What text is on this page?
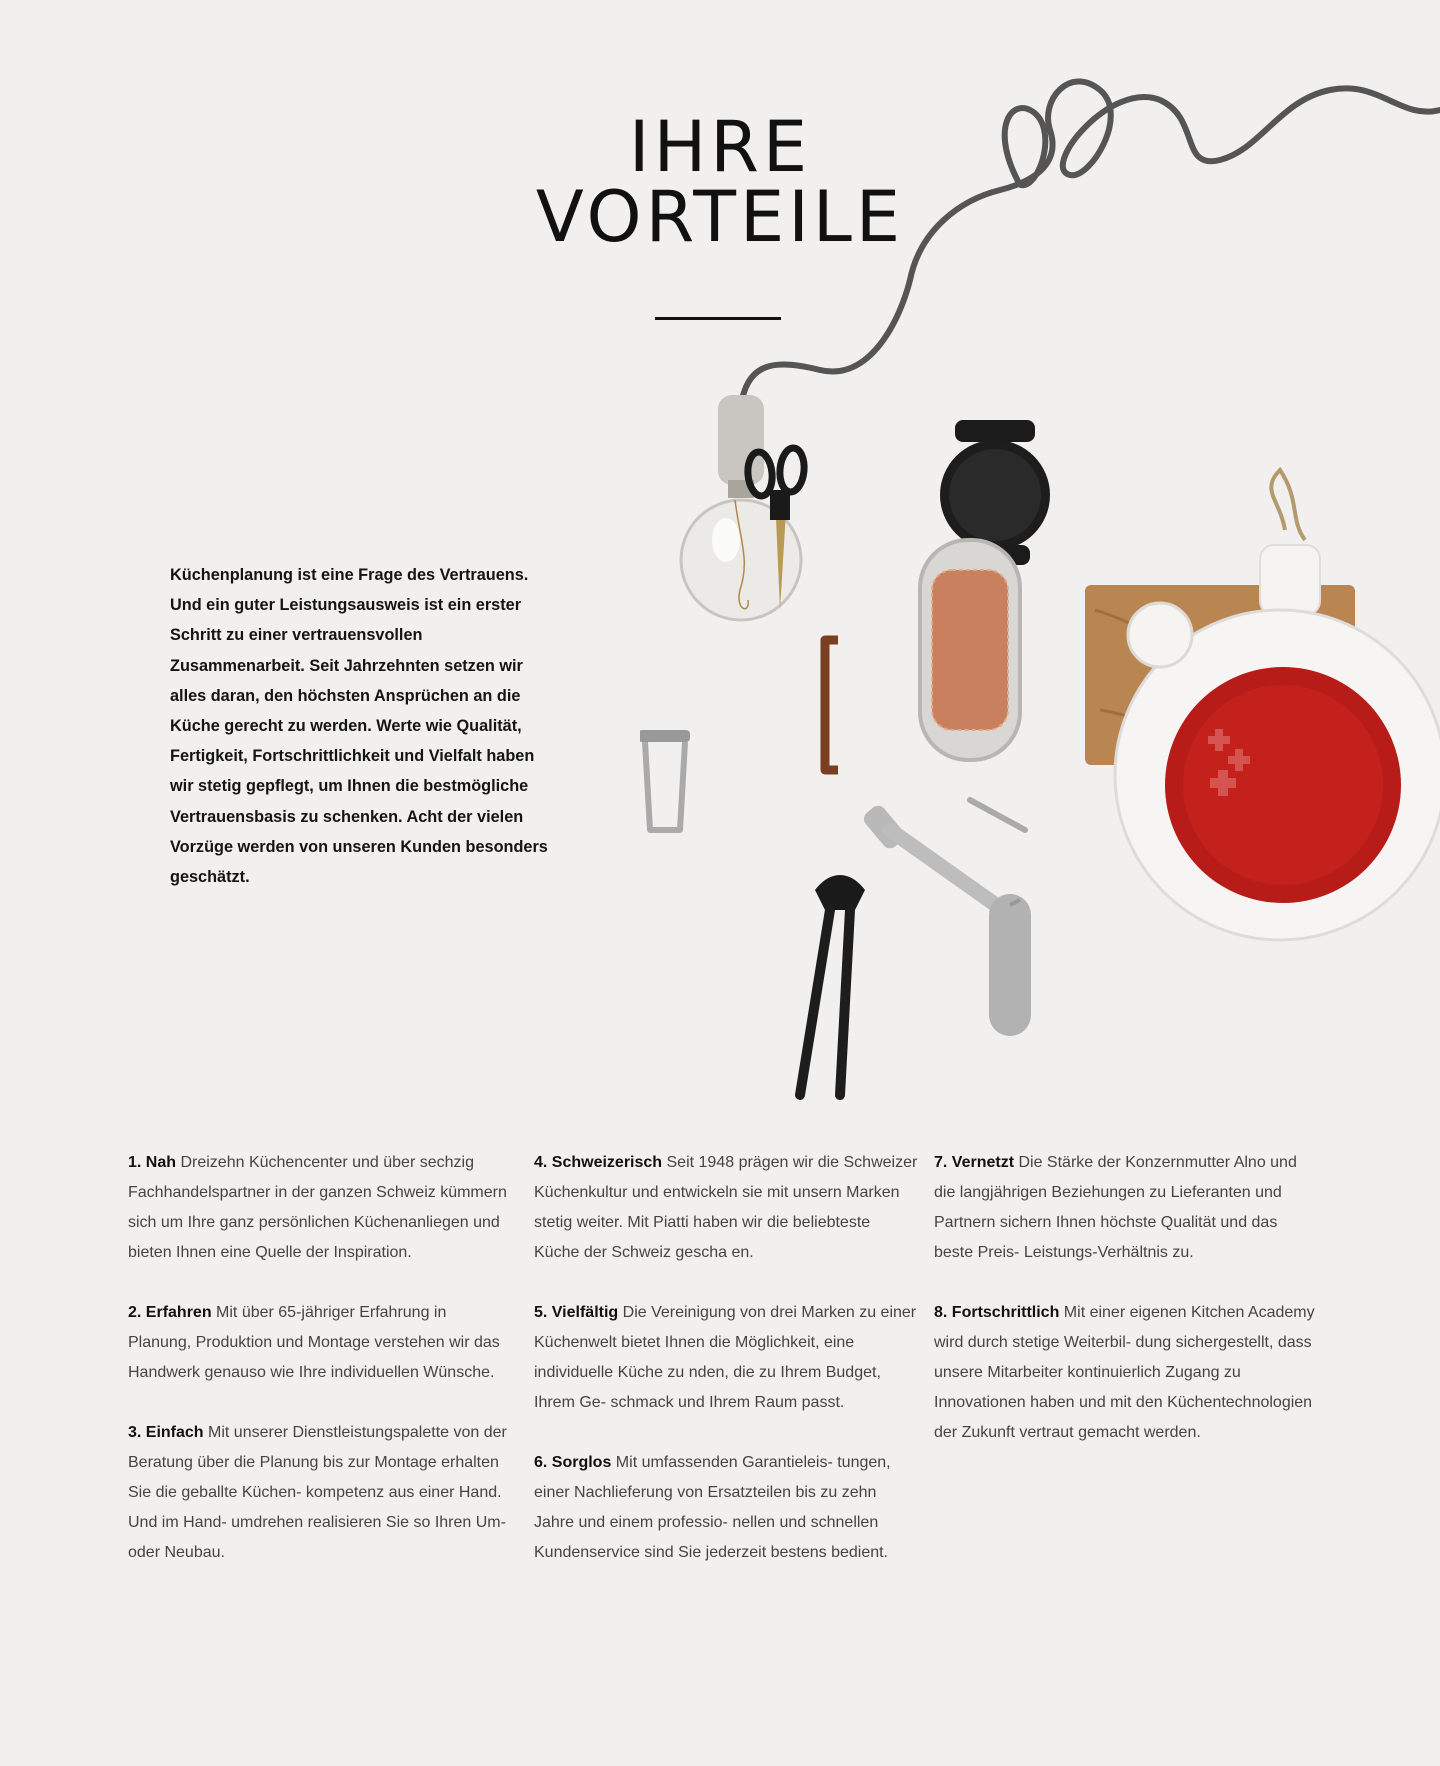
IHRE
VORTEILE

Küchenplanung ist eine Frage des Vertrauens. Und ein guter Leistungsausweis ist ein erster Schritt zu einer vertrauensvollen Zusammenarbeit. Seit Jahrzehnten setzen wir alles daran, den höchsten Ansprüchen an die Küche gerecht zu werden. Werte wie Qualität, Fertigkeit, Fortschrittlichkeit und Vielfalt haben wir stetig gepflegt, um Ihnen die bestmögliche Vertrauensbasis zu schenken. Acht der vielen Vorzüge werden von unseren Kunden besonders geschätzt.

1. Nah Dreizehn Küchencenter und über sechzig Fachhandelspartner in der ganzen Schweiz kümmern sich um Ihre ganz persönlichen Küchenanliegen und bieten Ihnen eine Quelle der Inspiration.

2. Erfahren Mit über 65-jähriger Erfahrung in Planung, Produktion und Montage verstehen wir das Handwerk genauso wie Ihre individuellen Wünsche.

3. Einfach Mit unserer Dienstleistungspalette von der Beratung über die Planung bis zur Montage erhalten Sie die geballte Küchen- kompetenz aus einer Hand. Und im Hand- umdrehen realisieren Sie so Ihren Um- oder Neubau.

4. Schweizerisch Seit 1948 prägen wir die Schweizer Küchenkultur und entwickeln sie mit unsern Marken stetig weiter. Mit Piatti haben wir die beliebteste Küche der Schweiz gescha en.

5. Vielfältig Die Vereinigung von drei Marken zu einer Küchenwelt bietet Ihnen die Möglichkeit, eine individuelle Küche zu nden, die zu Ihrem Budget, Ihrem Ge- schmack und Ihrem Raum passt.

6. Sorglos Mit umfassenden Garantieleis- tungen, einer Nachlieferung von Ersatzteilen bis zu zehn Jahre und einem professio- nellen und schnellen Kundenservice sind Sie jederzeit bestens bedient.

7. Vernetzt Die Stärke der Konzernmutter Alno und die langjährigen Beziehungen zu Lieferanten und Partnern sichern Ihnen höchste Qualität und das beste Preis- Leistungs-Verhältnis zu.

8. Fortschrittlich Mit einer eigenen Kitchen Academy wird durch stetige Weiterbil- dung sichergestellt, dass unsere Mitarbeiter kontinuierlich Zugang zu Innovationen haben und mit den Küchentechnologien der Zukunft vertraut gemacht werden.
